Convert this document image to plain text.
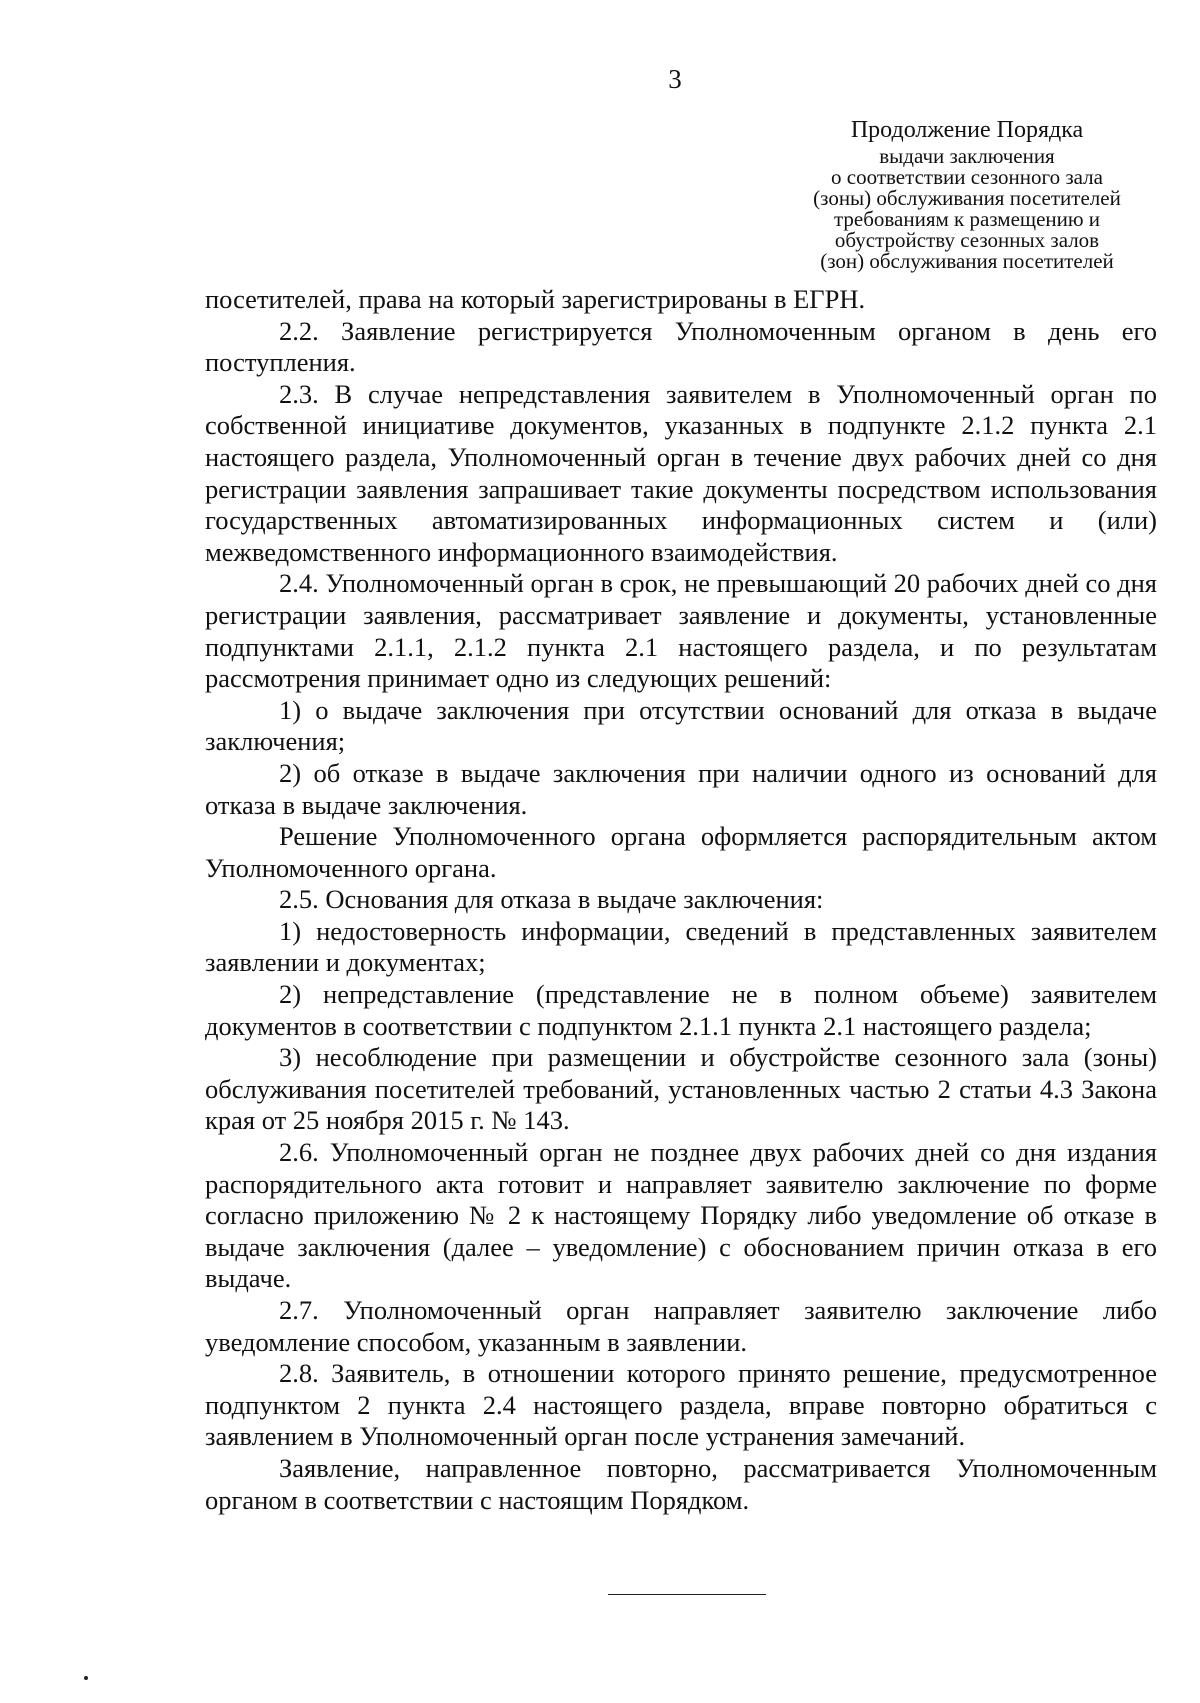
3
Продолжение Порядка
выдачи заключения
о соответствии сезонного зала
(зоны) обслуживания посетителей
требованиям к размещению и
обустройству сезонных залов
(зон) обслуживания посетителей

посетителей, права на который зарегистрированы в ЕГРН.

2.2. Заявление регистрируется Уполномоченным органом в день его поступления.

2.3. В случае непредставления заявителем в Уполномоченный орган по собственной инициативе документов, указанных в подпункте 2.1.2 пункта 2.1 настоящего раздела, Уполномоченный орган в течение двух рабочих дней со дня регистрации заявления запрашивает такие документы посредством использования государственных автоматизированных информационных систем и (или) межведомственного информационного взаимодействия.

2.4. Уполномоченный орган в срок, не превышающий 20 рабочих дней со дня регистрации заявления, рассматривает заявление и документы, установленные подпунктами 2.1.1, 2.1.2 пункта 2.1 настоящего раздела, и по результатам рассмотрения принимает одно из следующих решений:

1) о выдаче заключения при отсутствии оснований для отказа в выдаче заключения;

2) об отказе в выдаче заключения при наличии одного из оснований для отказа в выдаче заключения.

Решение Уполномоченного органа оформляется распорядительным актом Уполномоченного органа.

2.5. Основания для отказа в выдаче заключения:

1) недостоверность информации, сведений в представленных заявителем заявлении и документах;

2) непредставление (представление не в полном объеме) заявителем документов в соответствии с подпунктом 2.1.1 пункта 2.1 настоящего раздела;

3) несоблюдение при размещении и обустройстве сезонного зала (зоны) обслуживания посетителей требований, установленных частью 2 статьи 4.3 Закона края от 25 ноября 2015 г. № 143.

2.6. Уполномоченный орган не позднее двух рабочих дней со дня издания распорядительного акта готовит и направляет заявителю заключение по форме согласно приложению № 2 к настоящему Порядку либо уведомление об отказе в выдаче заключения (далее – уведомление) с обоснованием причин отказа в его выдаче.

2.7. Уполномоченный орган направляет заявителю заключение либо уведомление способом, указанным в заявлении.

2.8. Заявитель, в отношении которого принято решение, предусмотренное подпунктом 2 пункта 2.4 настоящего раздела, вправе повторно обратиться с заявлением в Уполномоченный орган после устранения замечаний.

Заявление, направленное повторно, рассматривается Уполномоченным органом в соответствии с настоящим Порядком.
